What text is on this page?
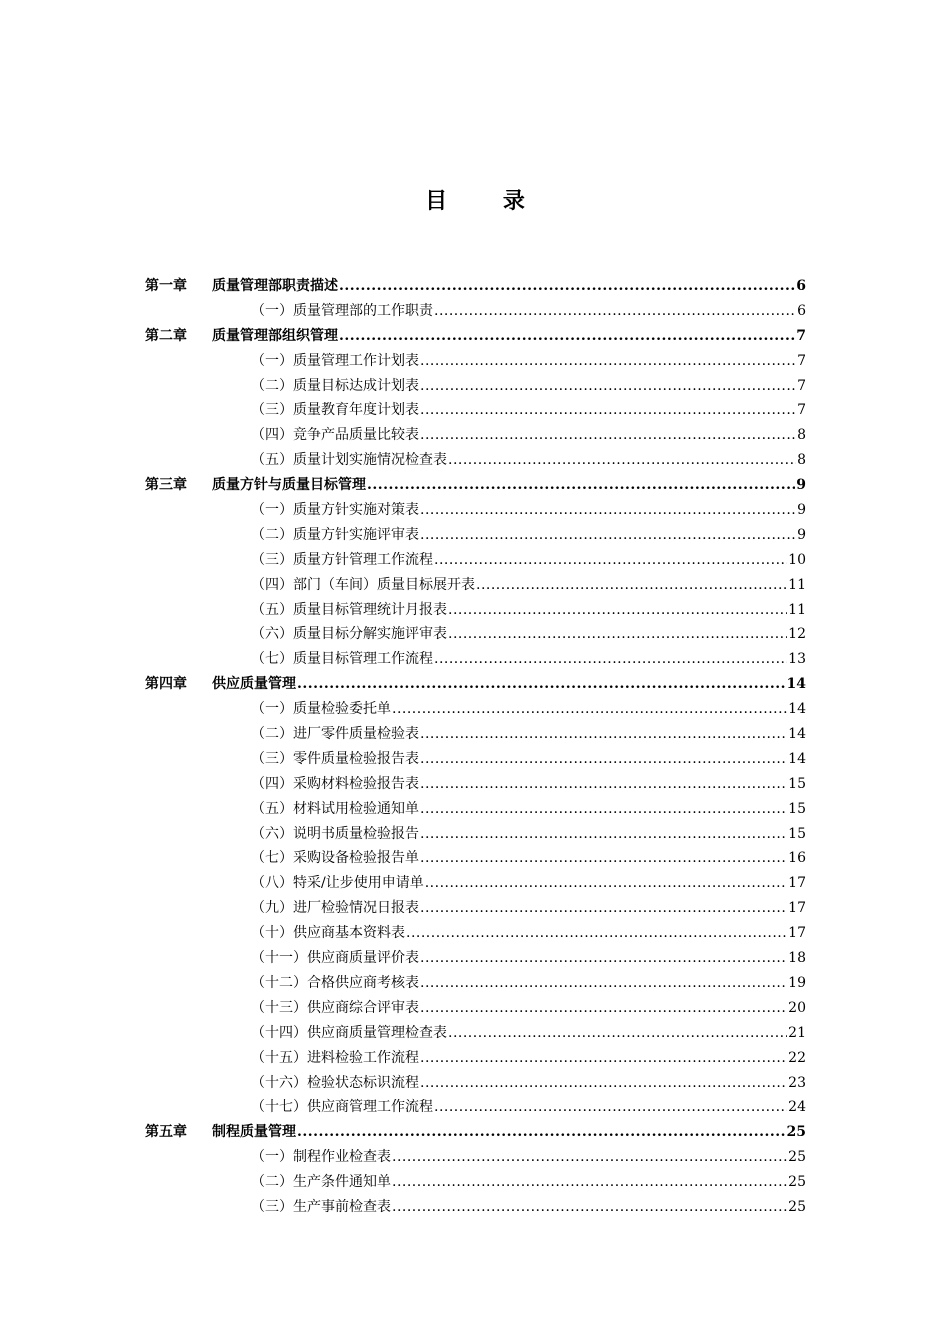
目 录
第一章	质量管理部职责描述 .....	6
（一）质量管理部的工作职责 .....	6
第二章	质量管理部组织管理 .....	7
（一）质量管理工作计划表 .....	7
（二）质量目标达成计划表 .....	7
（三）质量教育年度计划表 .....	7
（四）竞争产品质量比较表 .....	8
（五）质量计划实施情况检查表 .....	8
第三章	质量方针与质量目标管理 .....	9
（一）质量方针实施对策表 .....	9
（二）质量方针实施评审表 .....	9
（三）质量方针管理工作流程 .....	10
（四）部门（车间）质量目标展开表 .....	11
（五）质量目标管理统计月报表 .....	11
（六）质量目标分解实施评审表 .....	12
（七）质量目标管理工作流程 .....	13
第四章	供应质量管理 .....	14
（一）质量检验委托单 .....	14
（二）进厂零件质量检验表 .....	14
（三）零件质量检验报告表 .....	14
（四）采购材料检验报告表 .....	15
（五）材料试用检验通知单 .....	15
（六）说明书质量检验报告 .....	15
（七）采购设备检验报告单 .....	16
（八）特采/让步使用申请单 .....	17
（九）进厂检验情况日报表 .....	17
（十）供应商基本资料表 .....	17
（十一）供应商质量评价表 .....	18
（十二）合格供应商考核表 .....	19
（十三）供应商综合评审表 .....	20
（十四）供应商质量管理检查表 .....	21
（十五）进料检验工作流程 .....	22
（十六）检验状态标识流程 .....	23
（十七）供应商管理工作流程 .....	24
第五章	制程质量管理 .....	25
（一）制程作业检查表 .....	25
（二）生产条件通知单 .....	25
（三）生产事前检查表 .....	25
